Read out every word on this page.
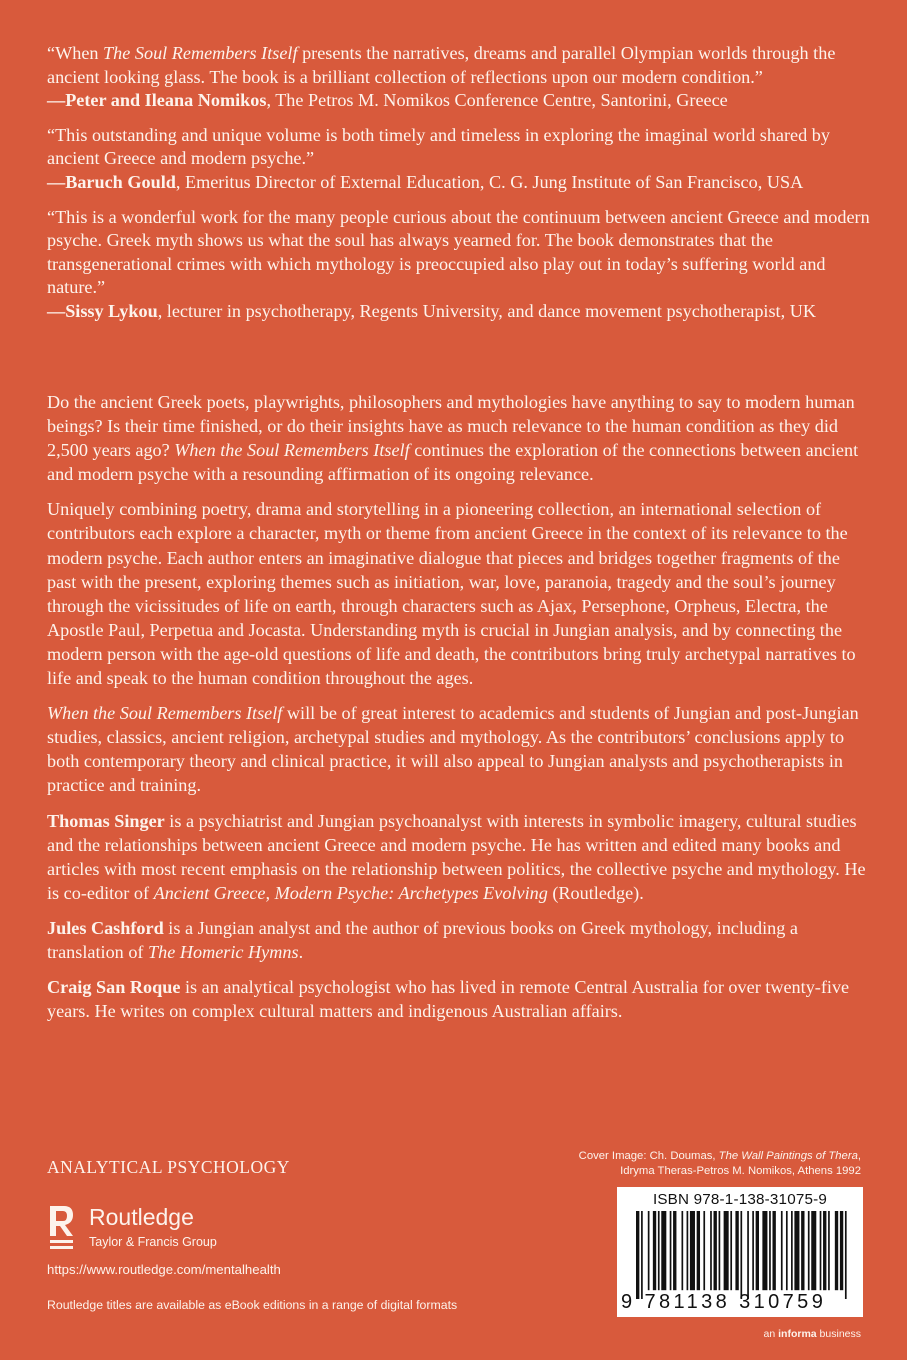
“When The Soul Remembers Itself presents the narratives, dreams and parallel Olympian worlds through the ancient looking glass. The book is a brilliant collection of reflections upon our modern condition.”

—Peter and Ileana Nomikos, The Petros M. Nomikos Conference Centre, Santorini, Greece

“This outstanding and unique volume is both timely and timeless in exploring the imaginal world shared by ancient Greece and modern psyche.”

—Baruch Gould, Emeritus Director of External Education, C. G. Jung Institute of San Francisco, USA

“This is a wonderful work for the many people curious about the continuum between ancient Greece and modern psyche. Greek myth shows us what the soul has always yearned for. The book demonstrates that the transgenerational crimes with which mythology is preoccupied also play out in today’s suffering world and nature.”

—Sissy Lykou, lecturer in psychotherapy, Regents University, and dance movement psychotherapist, UK

Do the ancient Greek poets, playwrights, philosophers and mythologies have anything to say to modern human beings? Is their time finished, or do their insights have as much relevance to the human condition as they did 2,500 years ago? When the Soul Remembers Itself continues the exploration of the connections between ancient and modern psyche with a resounding affirmation of its ongoing relevance.

Uniquely combining poetry, drama and storytelling in a pioneering collection, an international selection of contributors each explore a character, myth or theme from ancient Greece in the context of its relevance to the modern psyche. Each author enters an imaginative dialogue that pieces and bridges together fragments of the past with the present, exploring themes such as initiation, war, love, paranoia, tragedy and the soul’s journey through the vicissitudes of life on earth, through characters such as Ajax, Persephone, Orpheus, Electra, the Apostle Paul, Perpetua and Jocasta. Understanding myth is crucial in Jungian analysis, and by connecting the modern person with the age-old questions of life and death, the contributors bring truly archetypal narratives to life and speak to the human condition throughout the ages.

When the Soul Remembers Itself will be of great interest to academics and students of Jungian and post-Jungian studies, classics, ancient religion, archetypal studies and mythology. As the contributors’ conclusions apply to both contemporary theory and clinical practice, it will also appeal to Jungian analysts and psychotherapists in practice and training.

Thomas Singer is a psychiatrist and Jungian psychoanalyst with interests in symbolic imagery, cultural studies and the relationships between ancient Greece and modern psyche. He has written and edited many books and articles with most recent emphasis on the relationship between politics, the collective psyche and mythology. He is co-editor of Ancient Greece, Modern Psyche: Archetypes Evolving (Routledge).

Jules Cashford is a Jungian analyst and the author of previous books on Greek mythology, including a translation of The Homeric Hymns.

Craig San Roque is an analytical psychologist who has lived in remote Central Australia for over twenty-five years. He writes on complex cultural matters and indigenous Australian affairs.

ANALYTICAL PSYCHOLOGY
Cover Image: Ch. Doumas, The Wall Paintings of Thera,
Idryma Theras-Petros M. Nomikos, Athens 1992
Routledge
Taylor & Francis Group
https://www.routledge.com/mentalhealth
Routledge titles are available as eBook editions in a range of digital formats
ISBN 978-1-138-31075-9
9 781138 310759
an informa business
